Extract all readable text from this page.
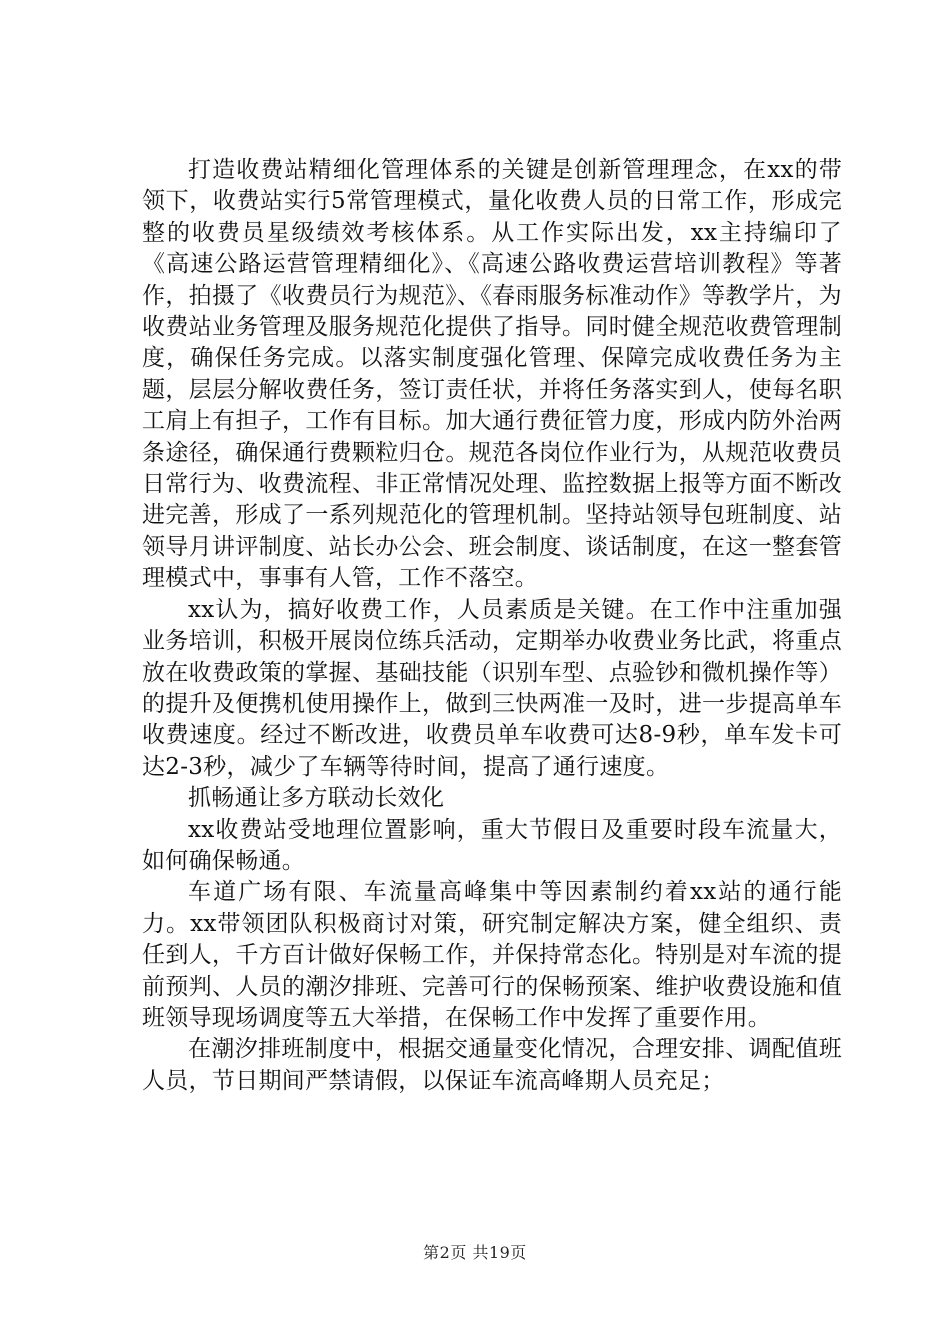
打造收费站精细化管理体系的关键是创新管理理念，在xx的带领下，收费站实行5常管理模式，量化收费人员的日常工作，形成完整的收费员星级绩效考核体系。从工作实际出发，xx主持编印了《高速公路运营管理精细化》、《高速公路收费运营培训教程》等著作，拍摄了《收费员行为规范》、《春雨服务标准动作》等教学片，为收费站业务管理及服务规范化提供了指导。同时健全规范收费管理制度，确保任务完成。以落实制度强化管理、保障完成收费任务为主题，层层分解收费任务，签订责任状，并将任务落实到人，使每名职工肩上有担子，工作有目标。加大通行费征管力度，形成内防外治两条途径，确保通行费颗粒归仓。规范各岗位作业行为，从规范收费员日常行为、收费流程、非正常情况处理、监控数据上报等方面不断改进完善，形成了一系列规范化的管理机制。坚持站领导包班制度、站领导月讲评制度、站长办公会、班会制度、谈话制度，在这一整套管理模式中，事事有人管，工作不落空。

xx认为，搞好收费工作，人员素质是关键。在工作中注重加强业务培训，积极开展岗位练兵活动，定期举办收费业务比武，将重点放在收费政策的掌握、基础技能（识别车型、点验钞和微机操作等）的提升及便携机使用操作上，做到三快两准一及时，进一步提高单车收费速度。经过不断改进，收费员单车收费可达8-9秒，单车发卡可达2-3秒，减少了车辆等待时间，提高了通行速度。

抓畅通让多方联动长效化

xx收费站受地理位置影响，重大节假日及重要时段车流量大，如何确保畅通。

车道广场有限、车流量高峰集中等因素制约着xx站的通行能力。xx带领团队积极商讨对策，研究制定解决方案，健全组织、责任到人，千方百计做好保畅工作，并保持常态化。特别是对车流的提前预判、人员的潮汐排班、完善可行的保畅预案、维护收费设施和值班领导现场调度等五大举措，在保畅工作中发挥了重要作用。

在潮汐排班制度中，根据交通量变化情况，合理安排、调配值班人员，节日期间严禁请假，以保证车流高峰期人员充足；

第2页 共19页
